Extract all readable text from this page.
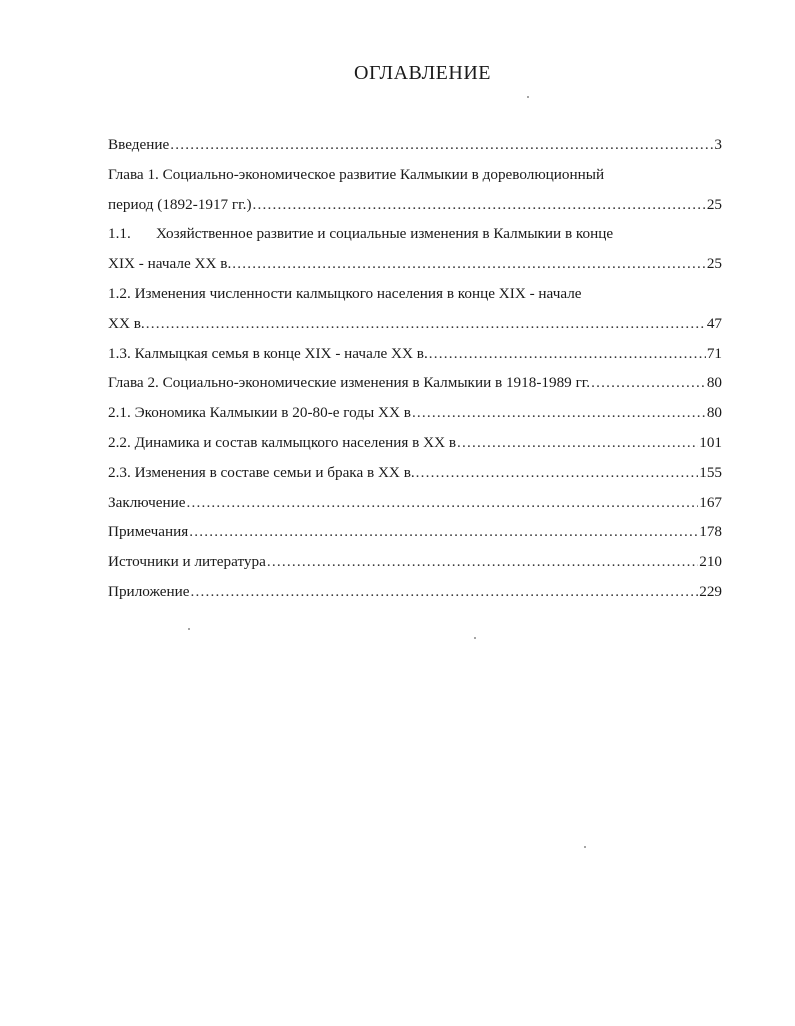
ОГЛАВЛЕНИЕ
Введение .....	3
Глава 1. Социально-экономическое развитие Калмыкии в дореволюционный
период (1892-1917 гг.) .....	25
1.1. Хозяйственное развитие и социальные изменения в Калмыкии в конце
XIX - начале XX в. .....	25
1.2. Изменения численности калмыцкого населения в конце XIX - начале
XX в. .....	47
1.3. Калмыцкая семья в конце XIX - начале XX в. .....	71
Глава 2. Социально-экономические изменения в Калмыкии в 1918-1989 гг. .....	80
2.1. Экономика Калмыкии в 20-80-е годы XX в .....	80
2.2. Динамика и состав калмыцкого населения в XX в .....	101
2.3. Изменения в составе семьи и брака в XX в. .....	155
Заключение .....	167
Примечания .....	178
Источники и литература .....	210
Приложение .....	229
